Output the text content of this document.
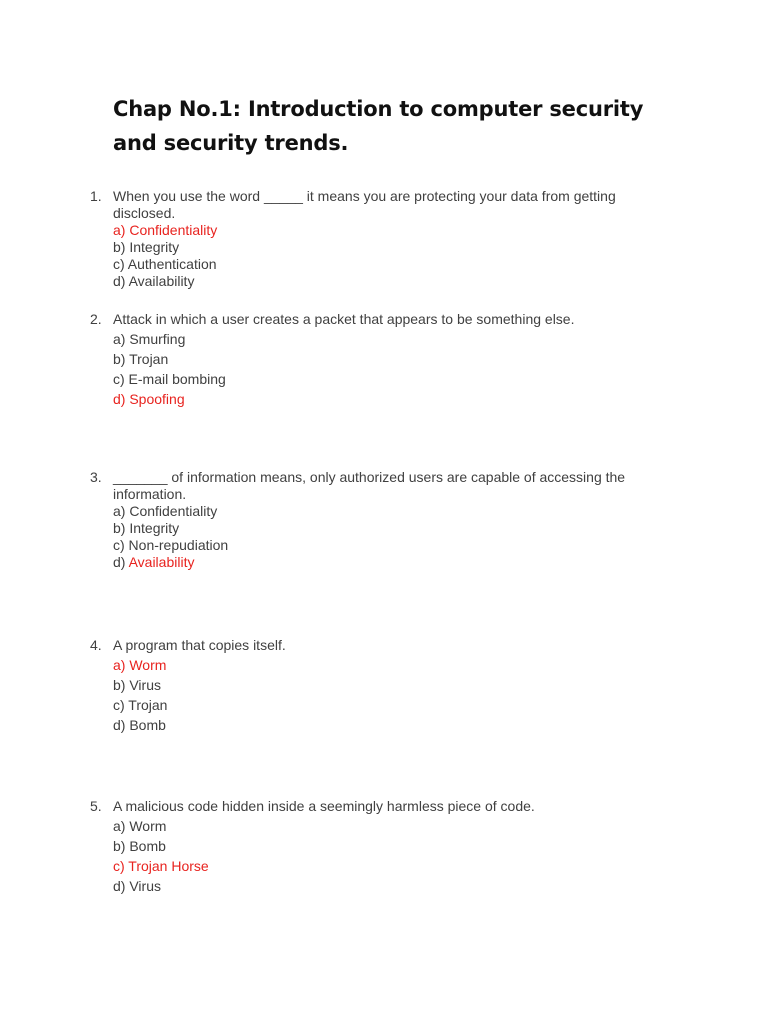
Chap No.1: Introduction to computer security and security trends.
1. When you use the word _____ it means you are protecting your data from getting disclosed.

a) Confidentiality

b) Integrity

c) Authentication

d) Availability

2. Attack in which a user creates a packet that appears to be something else.

a) Smurfing

b) Trojan

c) E-mail bombing

d) Spoofing

3. _______ of information means, only authorized users are capable of accessing the information.

a) Confidentiality

b) Integrity

c) Non-repudiation

d) Availability

4. A program that copies itself.

a) Worm

b) Virus

c) Trojan

d) Bomb

5. A malicious code hidden inside a seemingly harmless piece of code.

a) Worm

b) Bomb

c) Trojan Horse

d) Virus
